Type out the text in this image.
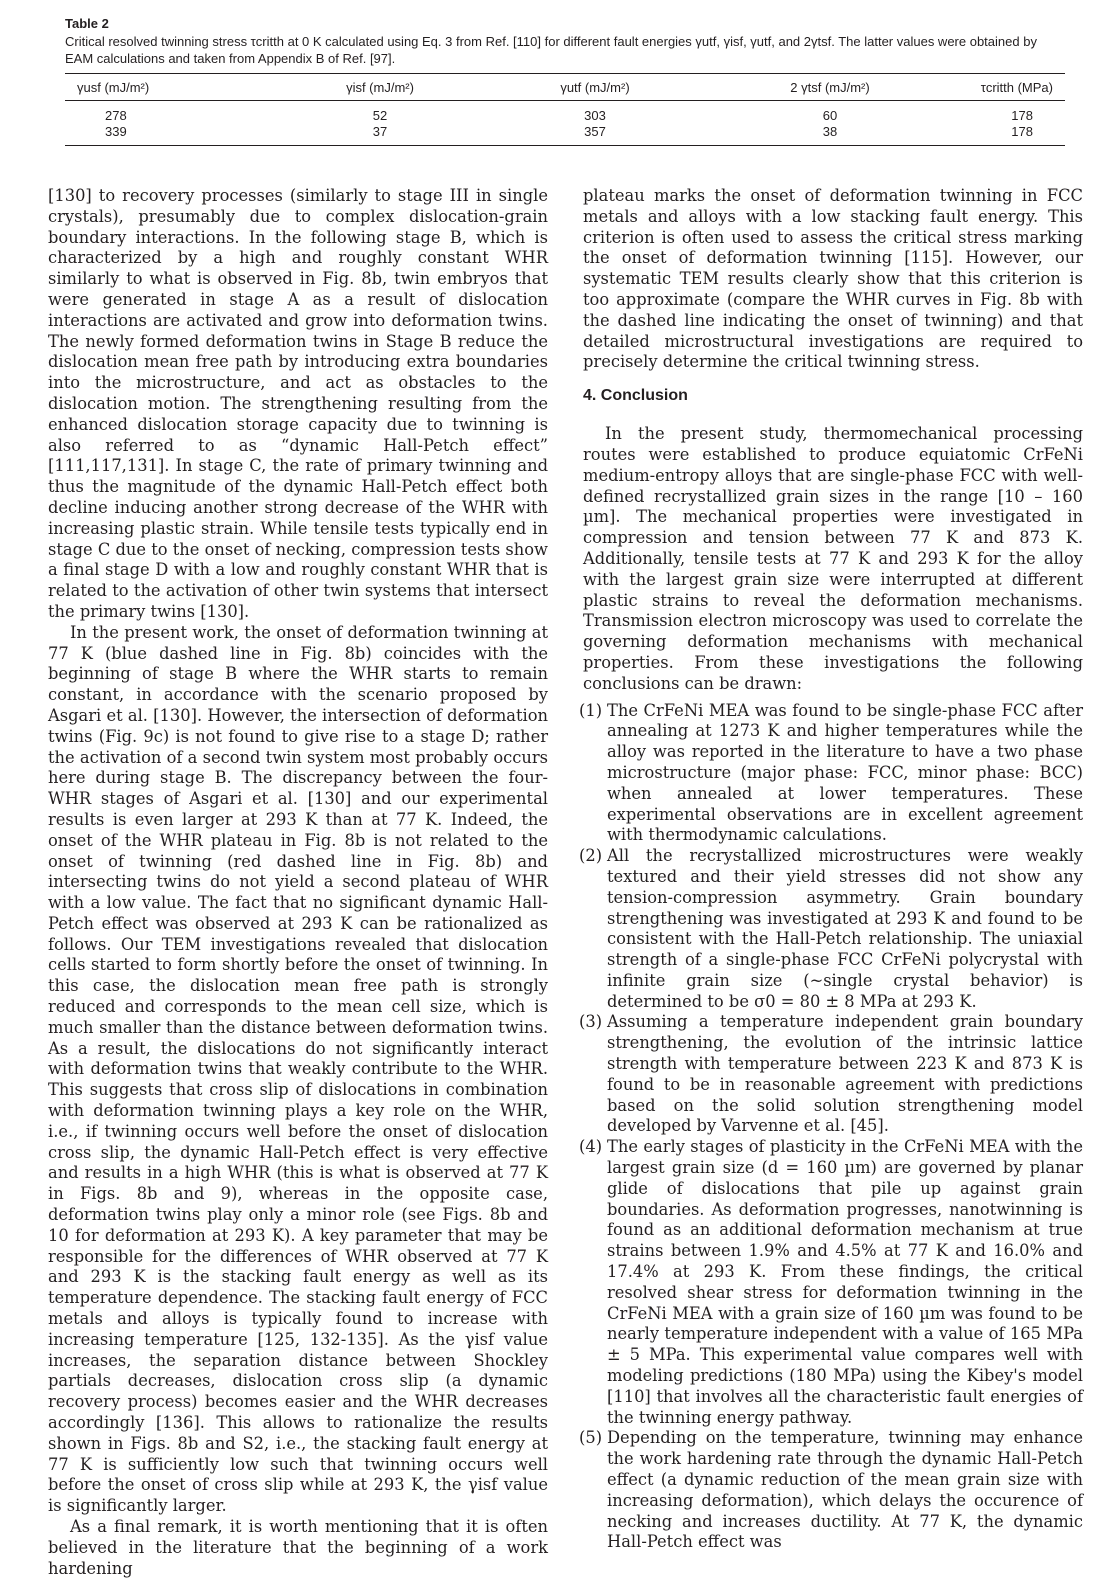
Table 2
Critical resolved twinning stress τcritth at 0 K calculated using Eq. 3 from Ref. [110] for different fault energies γutf, γisf, γutf, and 2γtsf. The latter values were obtained by EAM calculations and taken from Appendix B of Ref. [97].
γusf (mJ/m²)	γisf (mJ/m²)	γutf (mJ/m²)	2 γtsf (mJ/m²)	τcritth (MPa)
278	52	303	60	178
339	37	357	38	178

[130] to recovery processes (similarly to stage III in single crystals), presumably due to complex dislocation-grain boundary interactions. In the following stage B, which is characterized by a high and roughly constant WHR similarly to what is observed in Fig. 8b, twin embryos that were generated in stage A as a result of dislocation interactions are activated and grow into deformation twins. The newly formed deformation twins in Stage B reduce the dislocation mean free path by introducing extra boundaries into the microstructure, and act as obstacles to the dislocation motion. The strengthening resulting from the enhanced dislocation storage capacity due to twinning is also referred to as “dynamic Hall-Petch effect” [111,117,131]. In stage C, the rate of primary twinning and thus the magnitude of the dynamic Hall-Petch effect both decline inducing another strong decrease of the WHR with increasing plastic strain. While tensile tests typically end in stage C due to the onset of necking, compression tests show a final stage D with a low and roughly constant WHR that is related to the activation of other twin systems that intersect the primary twins [130].

In the present work, the onset of deformation twinning at 77 K (blue dashed line in Fig. 8b) coincides with the beginning of stage B where the WHR starts to remain constant, in accordance with the scenario proposed by Asgari et al. [130]. However, the intersection of deformation twins (Fig. 9c) is not found to give rise to a stage D; rather the activation of a second twin system most probably occurs here during stage B. The discrepancy between the four-WHR stages of Asgari et al. [130] and our experimental results is even larger at 293 K than at 77 K. Indeed, the onset of the WHR plateau in Fig. 8b is not related to the onset of twinning (red dashed line in Fig. 8b) and intersecting twins do not yield a second plateau of WHR with a low value. The fact that no significant dynamic Hall-Petch effect was observed at 293 K can be rationalized as follows. Our TEM investigations revealed that dislocation cells started to form shortly before the onset of twinning. In this case, the dislocation mean free path is strongly reduced and corresponds to the mean cell size, which is much smaller than the distance between deformation twins. As a result, the dislocations do not significantly interact with deformation twins that weakly contribute to the WHR. This suggests that cross slip of dislocations in combination with deformation twinning plays a key role on the WHR, i.e., if twinning occurs well before the onset of dislocation cross slip, the dynamic Hall-Petch effect is very effective and results in a high WHR (this is what is observed at 77 K in Figs. 8b and 9), whereas in the opposite case, deformation twins play only a minor role (see Figs. 8b and 10 for deformation at 293 K). A key parameter that may be responsible for the differences of WHR observed at 77 K and 293 K is the stacking fault energy as well as its temperature dependence. The stacking fault energy of FCC metals and alloys is typically found to increase with increasing temperature [125, 132-135]. As the γisf value increases, the separation distance between Shockley partials decreases, dislocation cross slip (a dynamic recovery process) becomes easier and the WHR decreases accordingly [136]. This allows to rationalize the results shown in Figs. 8b and S2, i.e., the stacking fault energy at 77 K is sufficiently low such that twinning occurs well before the onset of cross slip while at 293 K, the γisf value is significantly larger.

As a final remark, it is worth mentioning that it is often believed in the literature that the beginning of a work hardening

plateau marks the onset of deformation twinning in FCC metals and alloys with a low stacking fault energy. This criterion is often used to assess the critical stress marking the onset of deformation twinning [115]. However, our systematic TEM results clearly show that this criterion is too approximate (compare the WHR curves in Fig. 8b with the dashed line indicating the onset of twinning) and that detailed microstructural investigations are required to precisely determine the critical twinning stress.

4. Conclusion

In the present study, thermomechanical processing routes were established to produce equiatomic CrFeNi medium-entropy alloys that are single-phase FCC with well-defined recrystallized grain sizes in the range [10 – 160 µm]. The mechanical properties were investigated in compression and tension between 77 K and 873 K. Additionally, tensile tests at 77 K and 293 K for the alloy with the largest grain size were interrupted at different plastic strains to reveal the deformation mechanisms. Transmission electron microscopy was used to correlate the governing deformation mechanisms with mechanical properties. From these investigations the following conclusions can be drawn:

(1) The CrFeNi MEA was found to be single-phase FCC after annealing at 1273 K and higher temperatures while the alloy was reported in the literature to have a two phase microstructure (major phase: FCC, minor phase: BCC) when annealed at lower temperatures. These experimental observations are in excellent agreement with thermodynamic calculations.
(2) All the recrystallized microstructures were weakly textured and their yield stresses did not show any tension-compression asymmetry. Grain boundary strengthening was investigated at 293 K and found to be consistent with the Hall-Petch relationship. The uniaxial strength of a single-phase FCC CrFeNi polycrystal with infinite grain size (~single crystal behavior) is determined to be σ0 = 80 ± 8 MPa at 293 K.
(3) Assuming a temperature independent grain boundary strengthening, the evolution of the intrinsic lattice strength with temperature between 223 K and 873 K is found to be in reasonable agreement with predictions based on the solid solution strengthening model developed by Varvenne et al. [45].
(4) The early stages of plasticity in the CrFeNi MEA with the largest grain size (d = 160 µm) are governed by planar glide of dislocations that pile up against grain boundaries. As deformation progresses, nanotwinning is found as an additional deformation mechanism at true strains between 1.9% and 4.5% at 77 K and 16.0% and 17.4% at 293 K. From these findings, the critical resolved shear stress for deformation twinning in the CrFeNi MEA with a grain size of 160 µm was found to be nearly temperature independent with a value of 165 MPa ± 5 MPa. This experimental value compares well with modeling predictions (180 MPa) using the Kibey's model [110] that involves all the characteristic fault energies of the twinning energy pathway.
(5) Depending on the temperature, twinning may enhance the work hardening rate through the dynamic Hall-Petch effect (a dynamic reduction of the mean grain size with increasing deformation), which delays the occurence of necking and increases ductility. At 77 K, the dynamic Hall-Petch effect was
